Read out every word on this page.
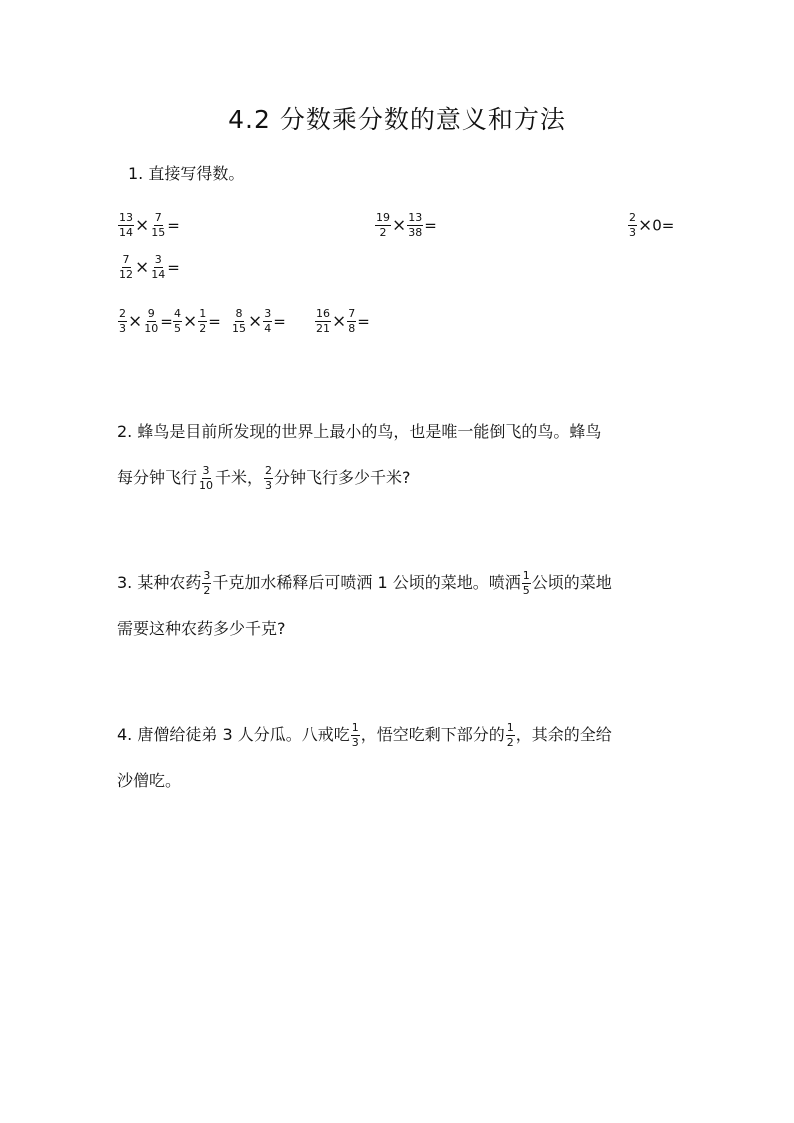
4.2 分数乘分数的意义和方法
1. 直接写得数。
$\frac{13}{14} \times \frac{7}{15}$ =	$\frac{19}{2} \times \frac{13}{38}$ =	$\frac{2}{3} \times 0=$
$\frac{7}{12} \times \frac{3}{14}$ =
$\frac{2}{3} \times \frac{9}{10} = \frac{4}{5} \times \frac{1}{2} = \frac{8}{15} \times \frac{3}{4}$ =	$\frac{16}{21} \times \frac{7}{8}$ =
2. 蜂鸟是目前所发现的世界上最小的鸟，也是唯一能倒飞的鸟。蜂鸟
每分钟飞行 $\frac{3}{10}$ 千米， $\frac{2}{3}$ 分钟飞行多少千米?
3. 某种农药 $\frac{3}{2}$ 千克加水稀释后可喷洒 1 公顷的菜地。喷洒 $\frac{1}{5}$ 公顷的菜地
需要这种农药多少千克?
4. 唐僧给徒弟 3 人分瓜。八戒吃 $\frac{1}{3}$ ，悟空吃剩下部分的 $\frac{1}{2}$ ，其余的全给
沙僧吃。
